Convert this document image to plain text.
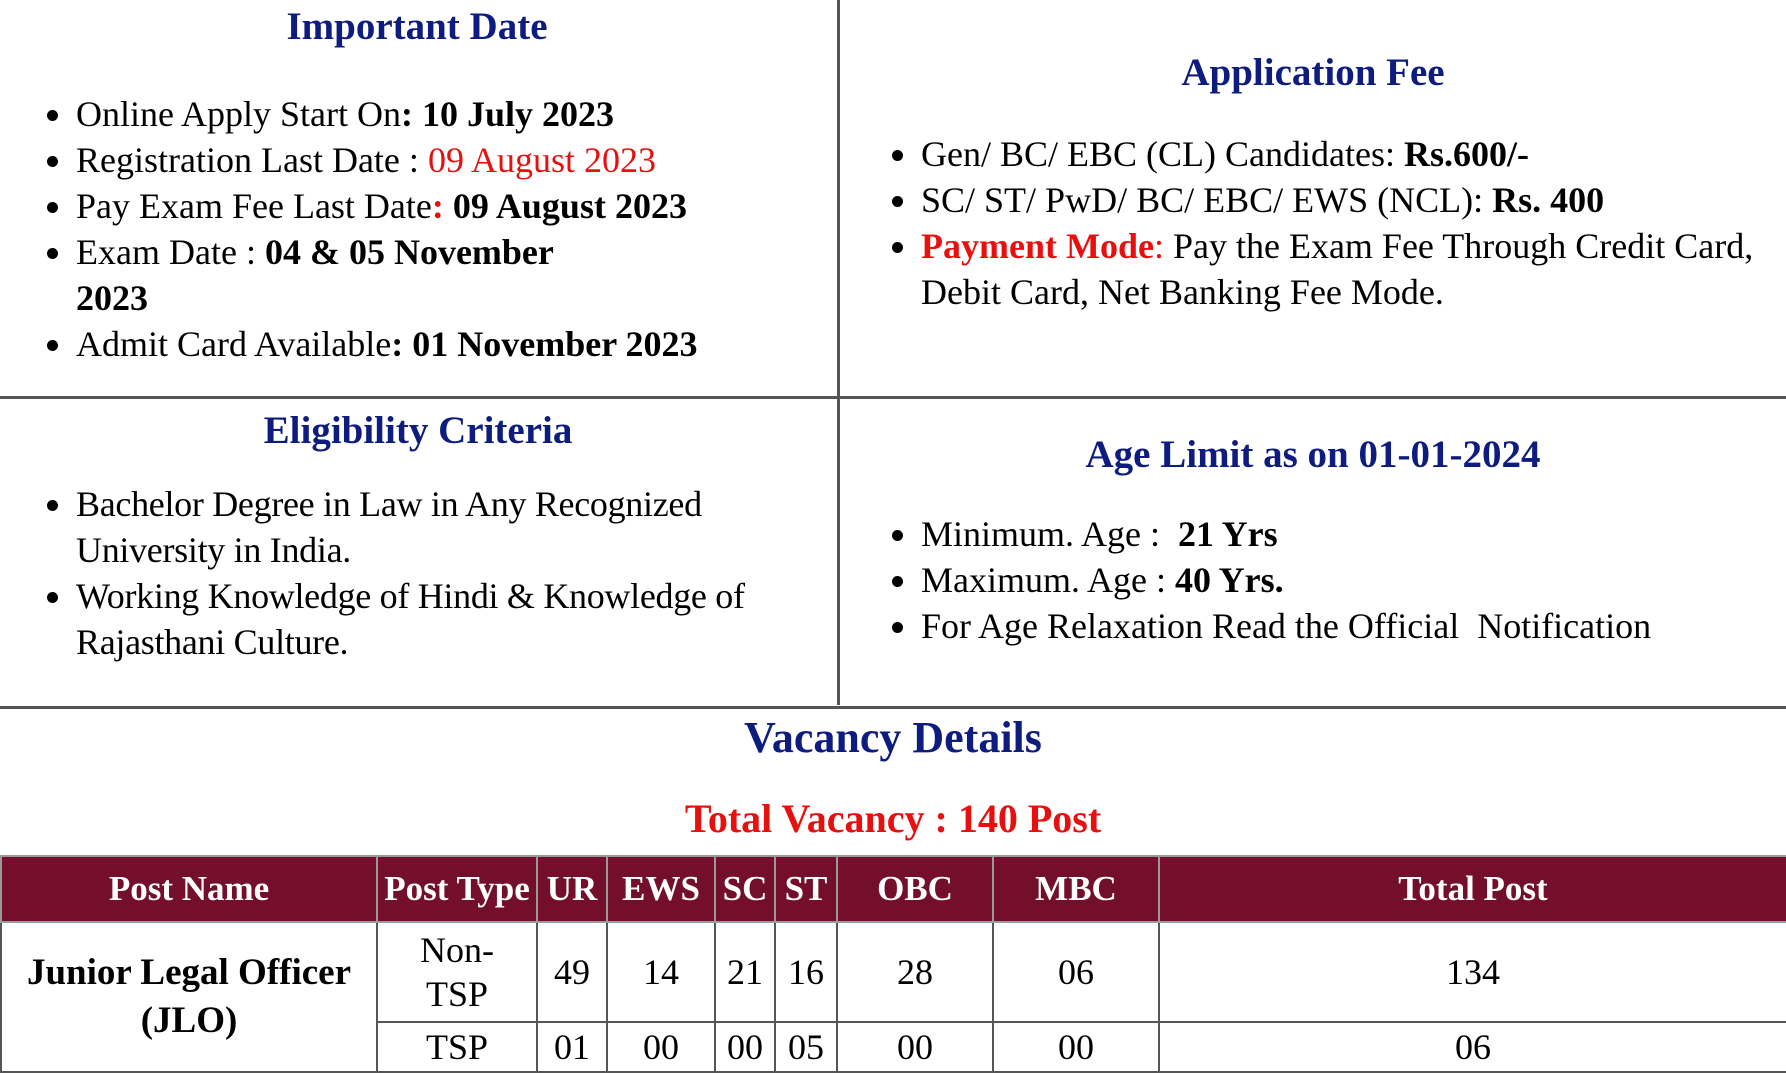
Important Date
• Online Apply Start On: 10 July 2023
• Registration Last Date : 09 August 2023
• Pay Exam Fee Last Date: 09 August 2023
• Exam Date : 04 & 05 November 2023
• Admit Card Available: 01 November 2023
Application Fee
• Gen/ BC/ EBC (CL) Candidates: Rs.600/-
• SC/ ST/ PwD/ BC/ EBC/ EWS (NCL): Rs. 400
• Payment Mode: Pay the Exam Fee Through Credit Card, Debit Card, Net Banking Fee Mode.
Eligibility Criteria
• Bachelor Degree in Law in Any Recognized University in India.
• Working Knowledge of Hindi & Knowledge of Rajasthani Culture.
Age Limit as on 01-01-2024
• Minimum. Age :  21 Yrs
• Maximum. Age : 40 Yrs.
• For Age Relaxation Read the Official  Notification
Vacancy Details
Total Vacancy : 140 Post
Post Name	Post Type	UR	EWS	SC	ST	OBC	MBC	Total Post
Junior Legal Officer (JLO)	Non-TSP	49	14	21	16	28	06	134
	TSP	01	00	00	05	00	00	06
